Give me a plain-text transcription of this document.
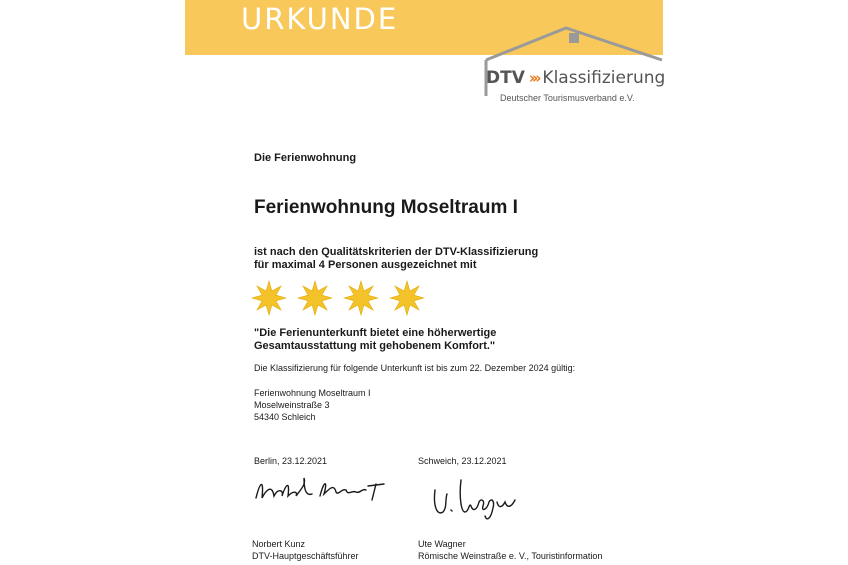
URKUNDE
DTV ››› Klassifizierung
Deutscher Tourismusverband e.V.
Die Ferienwohnung
Ferienwohnung Moseltraum I
ist nach den Qualitätskriterien der DTV-Klassifizierung
für maximal 4 Personen ausgezeichnet mit
"Die Ferienunterkunft bietet eine höherwertige
Gesamtausstattung mit gehobenem Komfort."
Die Klassifizierung für folgende Unterkunft ist bis zum 22. Dezember 2024 gültig:
Ferienwohnung Moseltraum I
Moselweinstraße 3
54340 Schleich
Berlin, 23.12.2021	Schweich, 23.12.2021
Norbert Kunz
DTV-Hauptgeschäftsführer
Ute Wagner
Römische Weinstraße e. V., Touristinformation
